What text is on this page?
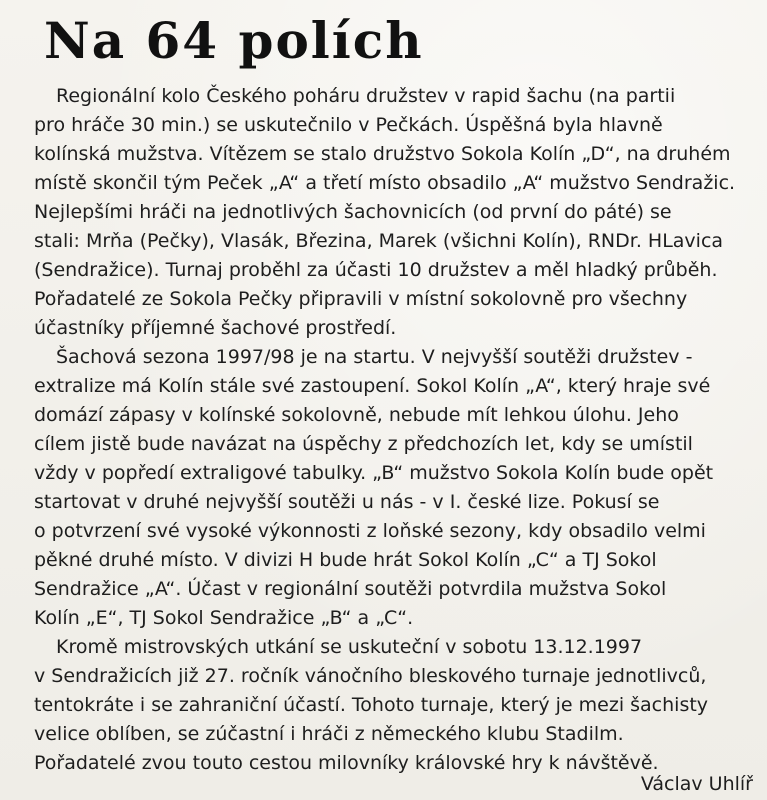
Na 64 polích
Regionální kolo Českého poháru družstev v rapid šachu (na partii
pro hráče 30 min.) se uskutečnilo v Pečkách. Úspěšná byla hlavně
kolínská mužstva. Vítězem se stalo družstvo Sokola Kolín „D“, na druhém
místě skončil tým Peček „A“ a třetí místo obsadilo „A“ mužstvo Sendražic.
Nejlepšími hráči na jednotlivých šachovnicích (od první do páté) se
stali: Mrňa (Pečky), Vlasák, Březina, Marek (všichni Kolín), RNDr. HLavica
(Sendražice). Turnaj proběhl za účasti 10 družstev a měl hladký průběh.
Pořadatelé ze Sokola Pečky připravili v místní sokolovně pro všechny
účastníky příjemné šachové prostředí.
Šachová sezona 1997/98 je na startu. V nejvyšší soutěži družstev -
extralize má Kolín stále své zastoupení. Sokol Kolín „A“, který hraje své
domází zápasy v kolínské sokolovně, nebude mít lehkou úlohu. Jeho
cílem jistě bude navázat na úspěchy z předchozích let, kdy se umístil
vždy v popředí extraligové tabulky. „B“ mužstvo Sokola Kolín bude opět
startovat v druhé nejvyšší soutěži u nás - v I. české lize. Pokusí se
o potvrzení své vysoké výkonnosti z loňské sezony, kdy obsadilo velmi
pěkné druhé místo. V divizi H bude hrát Sokol Kolín „C“ a TJ Sokol
Sendražice „A“. Účast v regionální soutěži potvrdila mužstva Sokol
Kolín „E“, TJ Sokol Sendražice „B“ a „C“.
Kromě mistrovských utkání se uskuteční v sobotu 13.12.1997
v Sendražicích již 27. ročník vánočního bleskového turnaje jednotlivců,
tentokráte i se zahraniční účastí. Tohoto turnaje, který je mezi šachisty
velice oblíben, se zúčastní i hráči z německého klubu Stadilm.
Pořadatelé zvou touto cestou milovníky královské hry k návštěvě.
Václav Uhlíř
